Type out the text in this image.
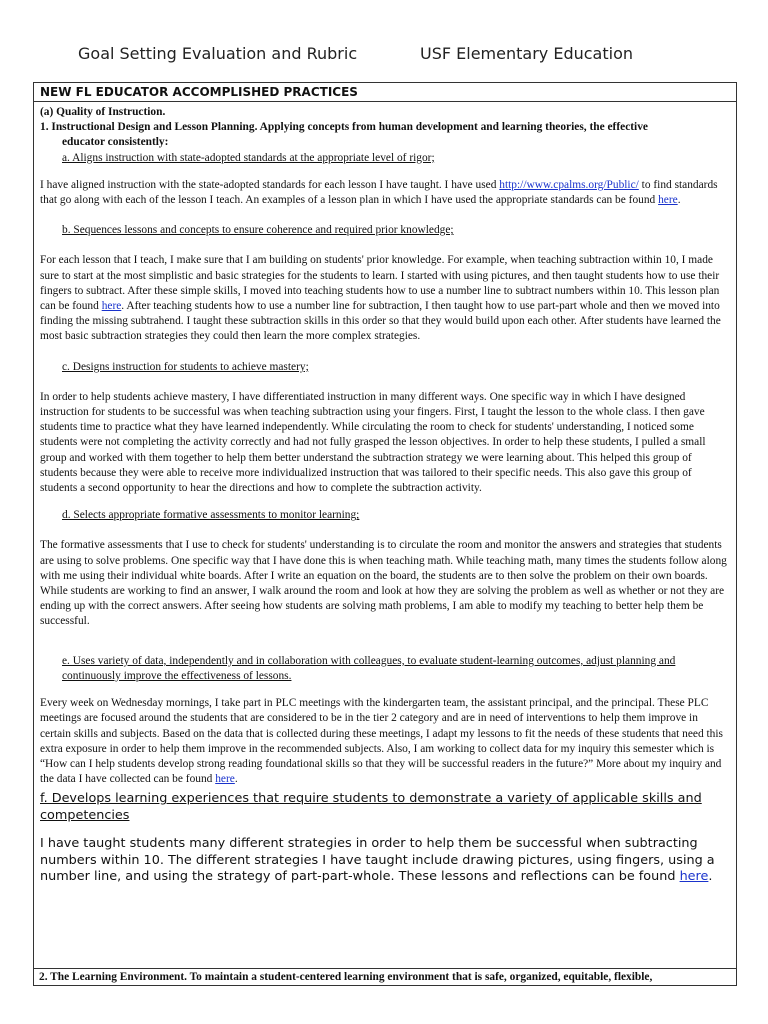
Goal Setting Evaluation and Rubric	USF Elementary Education
NEW FL EDUCATOR ACCOMPLISHED PRACTICES
(a) Quality of Instruction.
1. Instructional Design and Lesson Planning. Applying concepts from human development and learning theories, the effective
educator consistently:
a. Aligns instruction with state-adopted standards at the appropriate level of rigor;

I have aligned instruction with the state-adopted standards for each lesson I have taught. I have used http://www.cpalms.org/Public/ to find standards that go along with each of the lesson I teach. An examples of a lesson plan in which I have used the appropriate standards can be found here.

b. Sequences lessons and concepts to ensure coherence and required prior knowledge;

For each lesson that I teach, I make sure that I am building on students' prior knowledge. For example, when teaching subtraction within 10, I made sure to start at the most simplistic and basic strategies for the students to learn. I started with using pictures, and then taught students how to use their fingers to subtract. After these simple skills, I moved into teaching students how to use a number line to subtract numbers within 10. This lesson plan can be found here. After teaching students how to use a number line for subtraction, I then taught how to use part-part whole and then we moved into finding the missing subtrahend. I taught these subtraction skills in this order so that they would build upon each other. After students have learned the most basic subtraction strategies they could then learn the more complex strategies.

c. Designs instruction for students to achieve mastery;

In order to help students achieve mastery, I have differentiated instruction in many different ways. One specific way in which I have designed instruction for students to be successful was when teaching subtraction using your fingers. First, I taught the lesson to the whole class. I then gave students time to practice what they have learned independently. While circulating the room to check for students' understanding, I noticed some students were not completing the activity correctly and had not fully grasped the lesson objectives. In order to help these students, I pulled a small group and worked with them together to help them better understand the subtraction strategy we were learning about. This helped this group of students because they were able to receive more individualized instruction that was tailored to their specific needs. This also gave this group of students a second opportunity to hear the directions and how to complete the subtraction activity.

d. Selects appropriate formative assessments to monitor learning;

The formative assessments that I use to check for students' understanding is to circulate the room and monitor the answers and strategies that students are using to solve problems. One specific way that I have done this is when teaching math. While teaching math, many times the students follow along with me using their individual white boards. After I write an equation on the board, the students are to then solve the problem on their own boards. While students are working to find an answer, I walk around the room and look at how they are solving the problem as well as whether or not they are ending up with the correct answers. After seeing how students are solving math problems, I am able to modify my teaching to better help them be successful.

e. Uses variety of data, independently and in collaboration with colleagues, to evaluate student-learning outcomes, adjust planning and continuously improve the effectiveness of lessons.

Every week on Wednesday mornings, I take part in PLC meetings with the kindergarten team, the assistant principal, and the principal. These PLC meetings are focused around the students that are considered to be in the tier 2 category and are in need of interventions to help them improve in certain skills and subjects. Based on the data that is collected during these meetings, I adapt my lessons to fit the needs of these students that need this extra exposure in order to help them improve in the recommended subjects. Also, I am working to collect data for my inquiry this semester which is “How can I help students develop strong reading foundational skills so that they will be successful readers in the future?” More about my inquiry and the data I have collected can be found here.

f. Develops learning experiences that require students to demonstrate a variety of applicable skills and competencies

I have taught students many different strategies in order to help them be successful when subtracting numbers within 10. The different strategies I have taught include drawing pictures, using fingers, using a number line, and using the strategy of part-part-whole. These lessons and reflections can be found here.

2. The Learning Environment. To maintain a student-centered learning environment that is safe, organized, equitable, flexible,
